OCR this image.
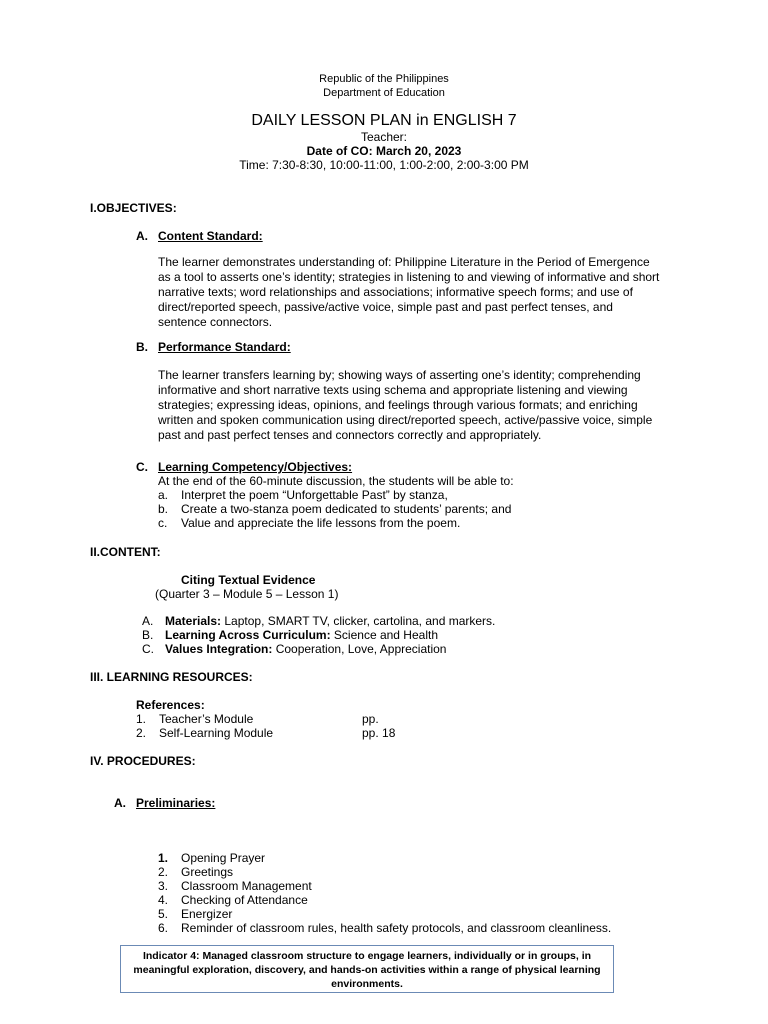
Republic of the Philippines
Department of Education
DAILY LESSON PLAN in ENGLISH 7
Teacher:
Date of CO: March 20, 2023
Time: 7:30-8:30, 10:00-11:00, 1:00-2:00, 2:00-3:00 PM
I.OBJECTIVES:
A. Content Standard:
The learner demonstrates understanding of: Philippine Literature in the Period of Emergence
as a tool to asserts one’s identity; strategies in listening to and viewing of informative and short
narrative texts; word relationships and associations; informative speech forms; and use of
direct/reported speech, passive/active voice, simple past and past perfect tenses, and
sentence connectors.
B. Performance Standard:
The learner transfers learning by; showing ways of asserting one’s identity; comprehending
informative and short narrative texts using schema and appropriate listening and viewing
strategies; expressing ideas, opinions, and feelings through various formats; and enriching
written and spoken communication using direct/reported speech, active/passive voice, simple
past and past perfect tenses and connectors correctly and appropriately.
C. Learning Competency/Objectives:
At the end of the 60-minute discussion, the students will be able to:
a. Interpret the poem “Unforgettable Past” by stanza,
b. Create a two-stanza poem dedicated to students’ parents; and
c. Value and appreciate the life lessons from the poem.
II.CONTENT:
Citing Textual Evidence
(Quarter 3 – Module 5 – Lesson 1)
A. Materials: Laptop, SMART TV, clicker, cartolina, and markers.
B. Learning Across Curriculum: Science and Health
C. Values Integration: Cooperation, Love, Appreciation
III. LEARNING RESOURCES:
References:
1. Teacher’s Module	pp.
2. Self-Learning Module	pp. 18
IV. PROCEDURES:
A. Preliminaries:
1. Opening Prayer
2. Greetings
3. Classroom Management
4. Checking of Attendance
5. Energizer
6. Reminder of classroom rules, health safety protocols, and classroom cleanliness.
Indicator 4: Managed classroom structure to engage learners, individually or in groups, in
meaningful exploration, discovery, and hands-on activities within a range of physical learning
environments.
